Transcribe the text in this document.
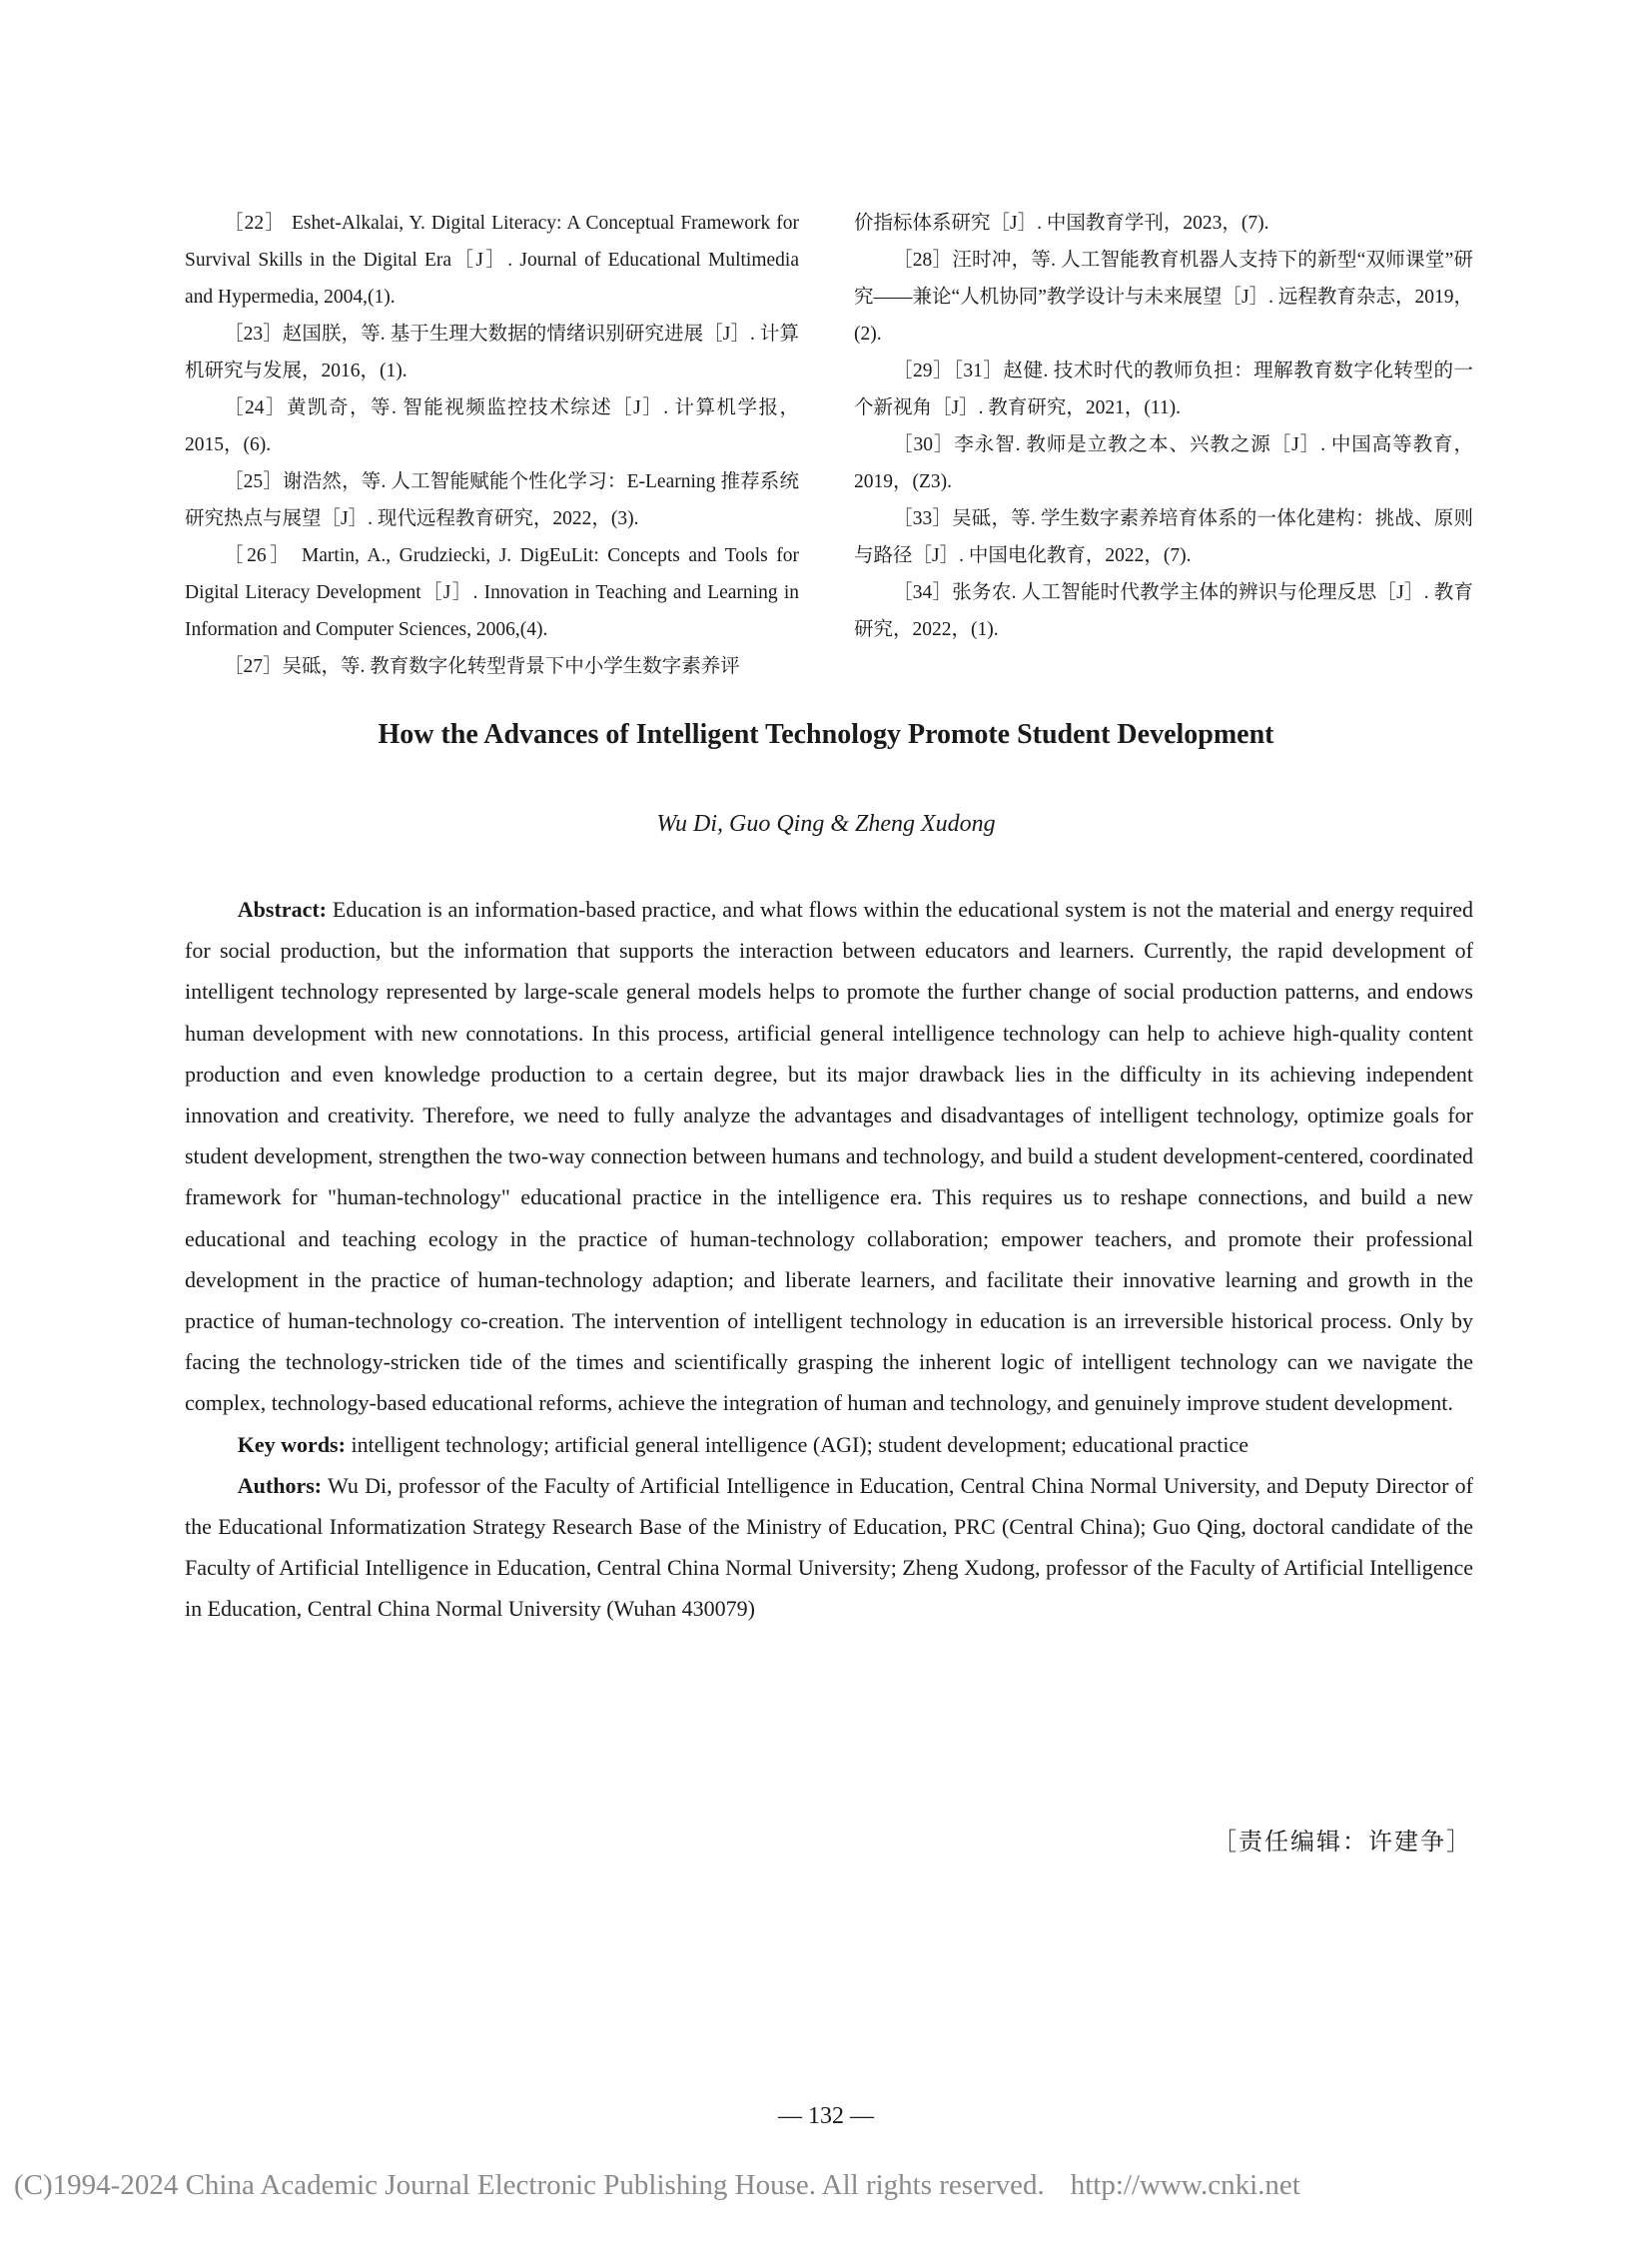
［22］ Eshet-Alkalai, Y. Digital Literacy: A Conceptual Framework for Survival Skills in the Digital Era［J］. Journal of Educational Multimedia and Hypermedia, 2004,(1).

［23］赵国朕，等. 基于生理大数据的情绪识别研究进展［J］. 计算机研究与发展，2016，(1).

［24］黄凯奇，等. 智能视频监控技术综述［J］. 计算机学报，2015，(6).

［25］谢浩然，等. 人工智能赋能个性化学习：E-Learning 推荐系统研究热点与展望［J］. 现代远程教育研究，2022，(3).

［26］ Martin, A., Grudziecki, J. DigEuLit: Concepts and Tools for Digital Literacy Development［J］. Innovation in Teaching and Learning in Information and Computer Sciences, 2006,(4).

［27］吴砥，等. 教育数字化转型背景下中小学生数字素养评

价指标体系研究［J］. 中国教育学刊，2023，(7).

［28］汪时冲，等. 人工智能教育机器人支持下的新型“双师课堂”研究——兼论“人机协同”教学设计与未来展望［J］. 远程教育杂志，2019，(2).

［29］［31］赵健. 技术时代的教师负担：理解教育数字化转型的一个新视角［J］. 教育研究，2021，(11).

［30］李永智. 教师是立教之本、兴教之源［J］. 中国高等教育，2019，(Z3).

［33］吴砥，等. 学生数字素养培育体系的一体化建构：挑战、原则与路径［J］. 中国电化教育，2022，(7).

［34］张务农. 人工智能时代教学主体的辨识与伦理反思［J］. 教育研究，2022，(1).

How the Advances of Intelligent Technology Promote Student Development

Wu Di, Guo Qing & Zheng Xudong

Abstract: Education is an information-based practice, and what flows within the educational system is not the material and energy required for social production, but the information that supports the interaction between educators and learners. Currently, the rapid development of intelligent technology represented by large-scale general models helps to promote the further change of social production patterns, and endows human development with new connotations. In this process, artificial general intelligence technology can help to achieve high-quality content production and even knowledge production to a certain degree, but its major drawback lies in the difficulty in its achieving independent innovation and creativity. Therefore, we need to fully analyze the advantages and disadvantages of intelligent technology, optimize goals for student development, strengthen the two-way connection between humans and technology, and build a student development-centered, coordinated framework for "human-technology" educational practice in the intelligence era. This requires us to reshape connections, and build a new educational and teaching ecology in the practice of human-technology collaboration; empower teachers, and promote their professional development in the practice of human-technology adaption; and liberate learners, and facilitate their innovative learning and growth in the practice of human-technology co-creation. The intervention of intelligent technology in education is an irreversible historical process. Only by facing the technology-stricken tide of the times and scientifically grasping the inherent logic of intelligent technology can we navigate the complex, technology-based educational reforms, achieve the integration of human and technology, and genuinely improve student development.

Key words: intelligent technology; artificial general intelligence (AGI); student development; educational practice

Authors: Wu Di, professor of the Faculty of Artificial Intelligence in Education, Central China Normal University, and Deputy Director of the Educational Informatization Strategy Research Base of the Ministry of Education, PRC (Central China); Guo Qing, doctoral candidate of the Faculty of Artificial Intelligence in Education, Central China Normal University; Zheng Xudong, professor of the Faculty of Artificial Intelligence in Education, Central China Normal University (Wuhan 430079)

［责任编辑：许建争］

— 132 —

(C)1994-2024 China Academic Journal Electronic Publishing House. All rights reserved. http://www.cnki.net
